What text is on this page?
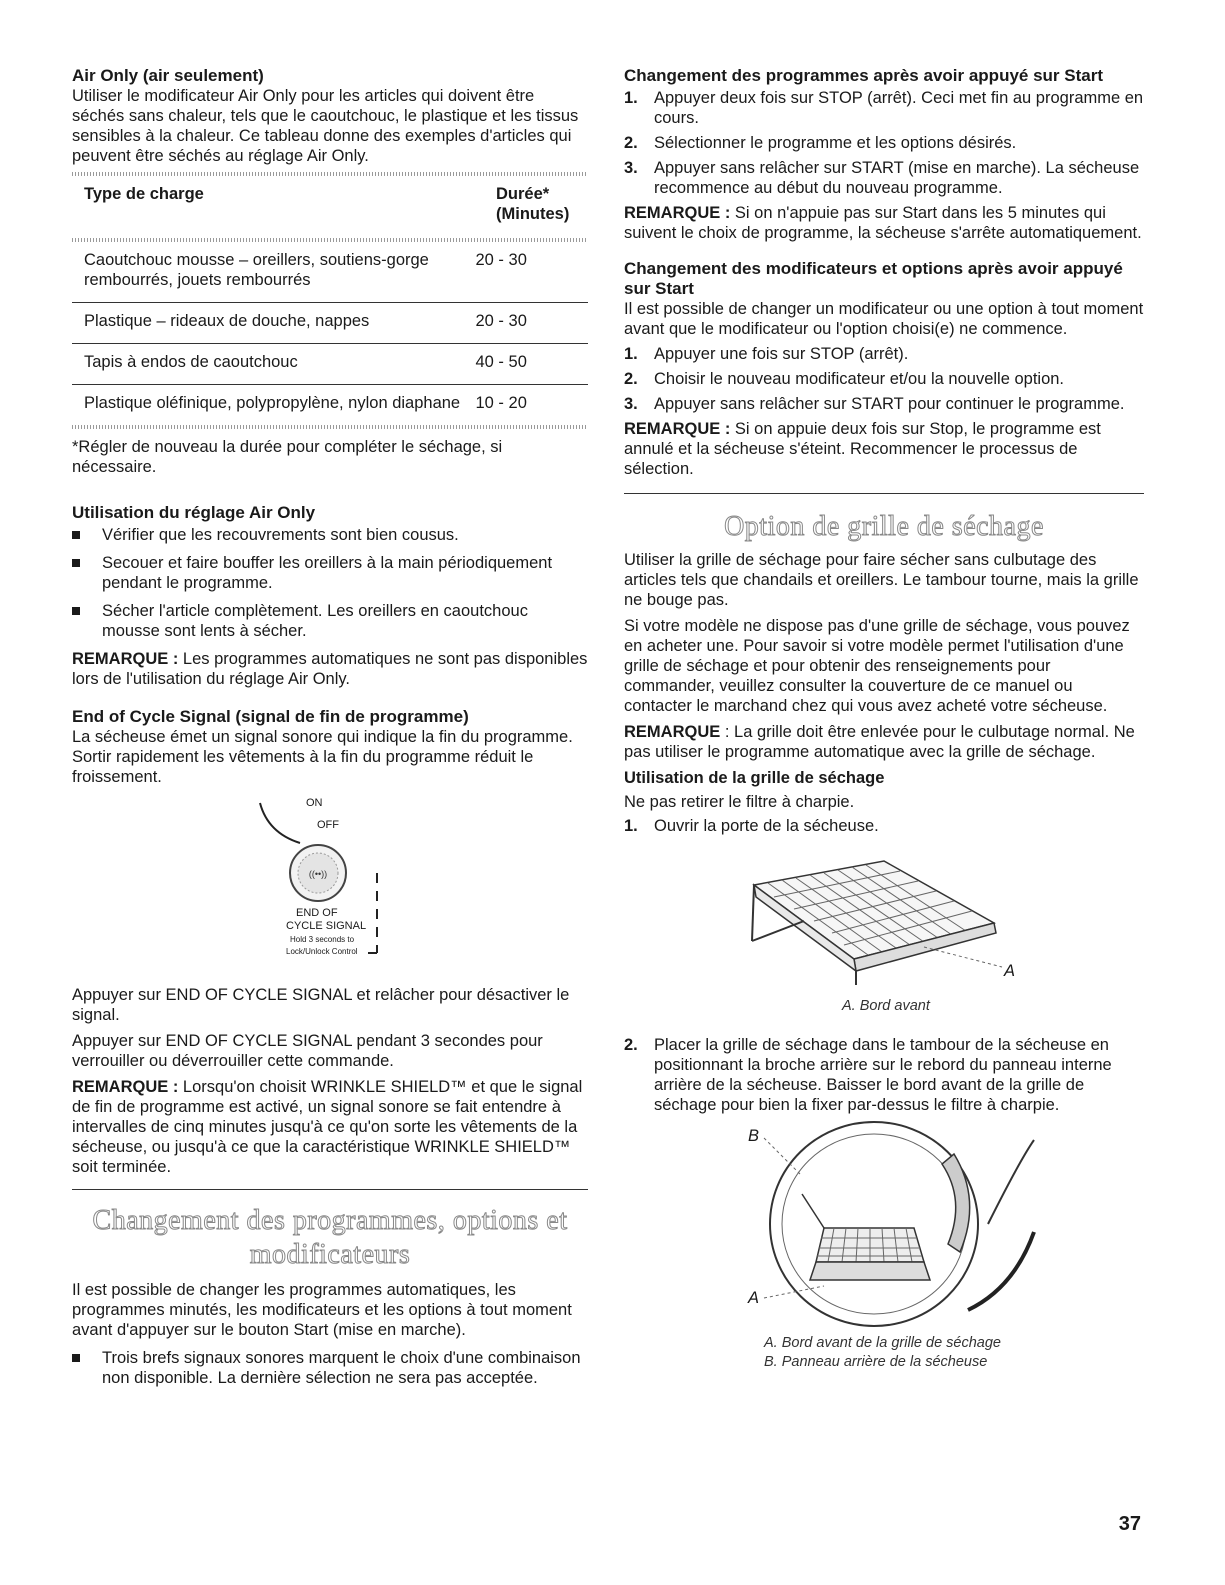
Air Only (air seulement)

Utiliser le modificateur Air Only pour les articles qui doivent être séchés sans chaleur, tels que le caoutchouc, le plastique et les tissus sensibles à la chaleur. Ce tableau donne des exemples d'articles qui peuvent être séchés au réglage Air Only.

Type de charge	Durée*
(Minutes)
Caoutchouc mousse – oreillers, soutiens-gorge rembourrés, jouets rembourrés	20 - 30
Plastique – rideaux de douche, nappes	20 - 30
Tapis à endos de caoutchouc	40 - 50
Plastique oléfinique, polypropylène, nylon diaphane	10 - 20

*Régler de nouveau la durée pour compléter le séchage, si nécessaire.

Utilisation du réglage Air Only
Vérifier que les recouvrements sont bien cousus.
Secouer et faire bouffer les oreillers à la main périodiquement pendant le programme.
Sécher l'article complètement. Les oreillers en caoutchouc mousse sont lents à sécher.

REMARQUE : Les programmes automatiques ne sont pas disponibles lors de l'utilisation du réglage Air Only.

End of Cycle Signal (signal de fin de programme)

La sécheuse émet un signal sonore qui indique la fin du programme. Sortir rapidement les vêtements à la fin du programme réduit le froissement.

((••))
ON
OFF
END OF
CYCLE SIGNAL
Hold 3 seconds to
Lock/Unlock Control

Appuyer sur END OF CYCLE SIGNAL et relâcher pour désactiver le signal.

Appuyer sur END OF CYCLE SIGNAL pendant 3 secondes pour verrouiller ou déverrouiller cette commande.

REMARQUE : Lorsqu'on choisit WRINKLE SHIELD™ et que le signal de fin de programme est activé, un signal sonore se fait entendre à intervalles de cinq minutes jusqu'à ce qu'on sorte les vêtements de la sécheuse, ou jusqu'à ce que la caractéristique WRINKLE SHIELD™ soit terminée.

Changement des programmes, options et
modificateurs

Il est possible de changer les programmes automatiques, les programmes minutés, les modificateurs et les options à tout moment avant d'appuyer sur le bouton Start (mise en marche).

Trois brefs signaux sonores marquent le choix d'une combinaison non disponible. La dernière sélection ne sera pas acceptée.
Changement des programmes après avoir appuyé sur Start
1. Appuyer deux fois sur STOP (arrêt). Ceci met fin au programme en cours.
2. Sélectionner le programme et les options désirés.
3. Appuyer sans relâcher sur START (mise en marche). La sécheuse recommence au début du nouveau programme.

REMARQUE : Si on n'appuie pas sur Start dans les 5 minutes qui suivent le choix de programme, la sécheuse s'arrête automatiquement.

Changement des modificateurs et options après avoir appuyé sur Start

Il est possible de changer un modificateur ou une option à tout moment avant que le modificateur ou l'option choisi(e) ne commence.

1. Appuyer une fois sur STOP (arrêt).
2. Choisir le nouveau modificateur et/ou la nouvelle option.
3. Appuyer sans relâcher sur START pour continuer le programme.

REMARQUE : Si on appuie deux fois sur Stop, le programme est annulé et la sécheuse s'éteint. Recommencer le processus de sélection.

Option de grille de séchage

Utiliser la grille de séchage pour faire sécher sans culbutage des articles tels que chandails et oreillers. Le tambour tourne, mais la grille ne bouge pas.

Si votre modèle ne dispose pas d'une grille de séchage, vous pouvez en acheter une. Pour savoir si votre modèle permet l'utilisation d'une grille de séchage et pour obtenir des renseignements pour commander, veuillez consulter la couverture de ce manuel ou contacter le marchand chez qui vous avez acheté votre sécheuse.

REMARQUE : La grille doit être enlevée pour le culbutage normal. Ne pas utiliser le programme automatique avec la grille de séchage.

Utilisation de la grille de séchage

Ne pas retirer le filtre à charpie.

1. Ouvrir la porte de la sécheuse.
A
A. Bord avant
2. Placer la grille de séchage dans le tambour de la sécheuse en positionnant la broche arrière sur le rebord du panneau interne arrière de la sécheuse. Baisser le bord avant de la grille de séchage pour bien la fixer par-dessus le filtre à charpie.
B
A
A. Bord avant de la grille de séchage
B. Panneau arrière de la sécheuse
37
